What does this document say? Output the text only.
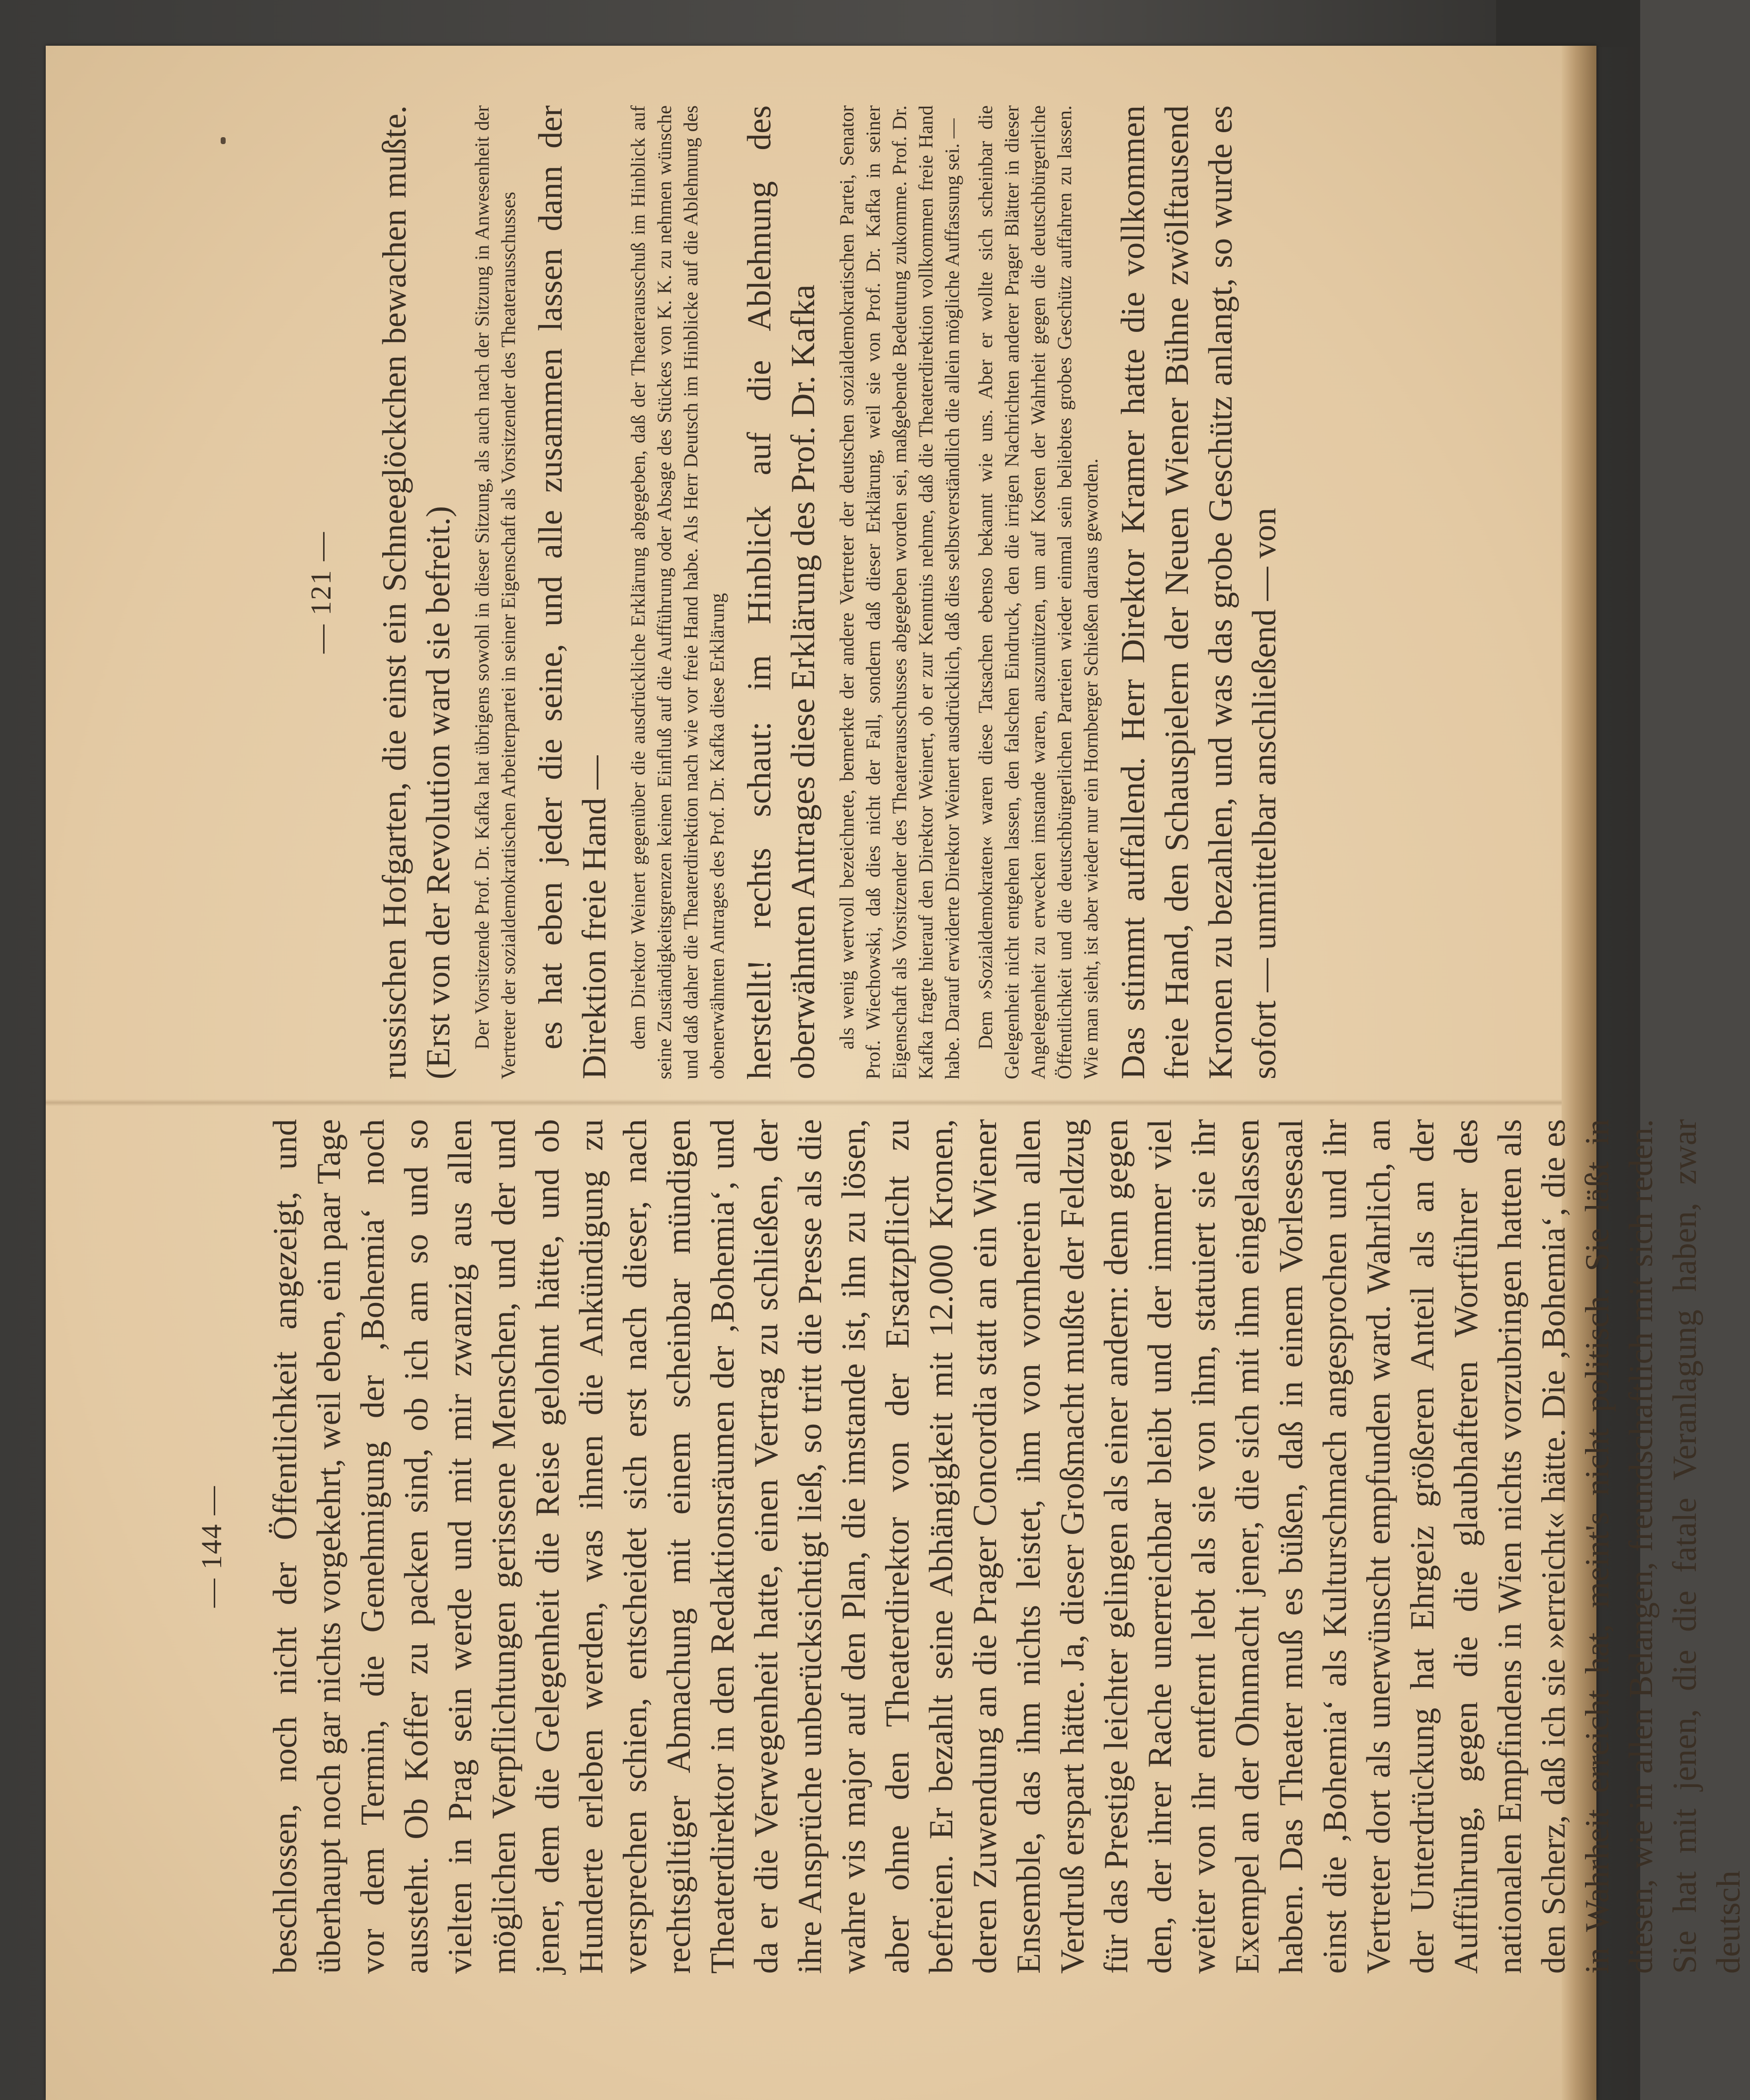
— 121 — russischen Hofgarten, die einst ein Schneeglöckchen bewachen mußte. (Erst von der Revolution ward sie befreit.) Der Vorsitzende Prof. Dr. Kafka hat übrigens sowohl in dieser Sitzung, als auch nach der Sitzung in Anwesenheit der Vertreter der sozialdemokratischen Arbeiterpartei in seiner Eigenschaft als Vorsitzender des Theaterausschusses es hat eben jeder die seine, und alle zusammen lassen dann der Direktion freie Hand — dem Direktor Weinert gegenüber die ausdrückliche Erklärung abgegeben, daß der Theaterausschuß im Hinblick auf seine Zuständigkeitsgrenzen keinen Einfluß auf die Aufführung oder Absage des Stückes von K. K. zu nehmen wünsche und daß daher die Theaterdirektion nach wie vor freie Hand habe. Als Herr Deutsch im Hinblicke auf die Ablehnung des obenerwähnten Antrages des Prof. Dr. Kafka diese Erklärung herstellt! rechts schaut: im Hinblick auf die Ablehnung des oberwähnten Antrages diese Erklärung des Prof. Dr. Kafka als wenig wertvoll bezeichnete, bemerkte der andere Vertreter der deutschen sozialdemokratischen Partei, Senator Prof. Wiechowski, daß dies nicht der Fall, sondern daß dieser Erklärung, weil sie von Prof. Dr. Kafka in seiner Eigenschaft als Vorsitzender des Theaterausschusses abgegeben worden sei, maßgebende Bedeutung zukomme. Prof. Dr. Kafka fragte hierauf den Direktor Weinert, ob er zur Kenntnis nehme, daß die Theaterdirektion vollkommen freie Hand habe. Darauf erwiderte Direktor Weinert ausdrücklich, daß dies selbstverständlich die allein mögliche Auffassung sei. — Dem »Sozialdemokraten« waren diese Tatsachen ebenso bekannt wie uns. Aber er wollte sich scheinbar die Gelegenheit nicht entgehen lassen, den falschen Eindruck, den die irrigen Nachrichten anderer Prager Blätter in dieser Angelegenheit zu erwecken imstande waren, auszunützen, um auf Kosten der Wahrheit gegen die deutschbürgerliche Öffentlichkeit und die deutschbürgerlichen Parteien wieder einmal sein beliebtes grobes Geschütz auffahren zu lassen. Wie man sieht, ist aber wieder nur ein Hornberger Schießen daraus geworden. Das stimmt auffallend. Herr Direktor Kramer hatte die vollkommen freie Hand, den Schauspielern der Neuen Wiener Bühne zwölftausend Kronen zu bezahlen, und was das grobe Geschütz anlangt, so wurde es sofort — unmittelbar anschließend — von

— 144 — beschlossen, noch nicht der Öffentlichkeit angezeigt, und überhaupt noch gar nichts vorgekehrt, weil eben, ein paar Tage vor dem Termin, die Genehmigung der ‚Bohemia‘ noch aussteht. Ob Koffer zu packen sind, ob ich am so und so vielten in Prag sein werde und mit mir zwanzig aus allen möglichen Verpflichtungen gerissene Menschen, und der und jener, dem die Gelegenheit die Reise gelohnt hätte, und ob Hunderte erleben werden, was ihnen die Ankündigung zu versprechen schien, entscheidet sich erst nach dieser, nach rechtsgiltiger Abmachung mit einem scheinbar mündigen Theaterdirektor in den Redaktionsräumen der ‚Bohemia‘, und da er die Verwegenheit hatte, einen Vertrag zu schließen, der ihre Ansprüche unberücksichtigt ließ, so tritt die Presse als die wahre vis major auf den Plan, die imstande ist, ihn zu lösen, aber ohne den Theaterdirektor von der Ersatzpflicht zu befreien. Er bezahlt seine Abhängigkeit mit 12.000 Kronen, deren Zuwendung an die Prager Concordia statt an ein Wiener Ensemble, das ihm nichts leistet, ihm von vornherein allen Verdruß erspart hätte. Ja, dieser Großmacht mußte der Feldzug für das Prestige leichter gelingen als einer andern: denn gegen den, der ihrer Rache unerreichbar bleibt und der immer viel weiter von ihr entfernt lebt als sie von ihm, statuiert sie ihr Exempel an der Ohnmacht jener, die sich mit ihm eingelassen haben. Das Theater muß es büßen, daß in einem Vorlesesaal einst die ‚Bohemia‘ als Kulturschmach angesprochen und ihr Vertreter dort als unerwünscht empfunden ward. Wahrlich, an der Unterdrückung hat Ehrgeiz größeren Anteil als an der Aufführung, gegen die die glaubhafteren Wortführer des nationalen Empfindens in Wien nichts vorzubringen hatten als den Scherz, daß ich sie »erreicht« hätte. Die ‚Bohemia‘, die es in Wahrheit erreicht hat, meint's nicht politisch. Sie läßt in diesen, wie in allen Belangen, freundschaftlich mit sich reden. Sie hat mit jenen, die die fatale Veranlagung haben, zwar deutsch
